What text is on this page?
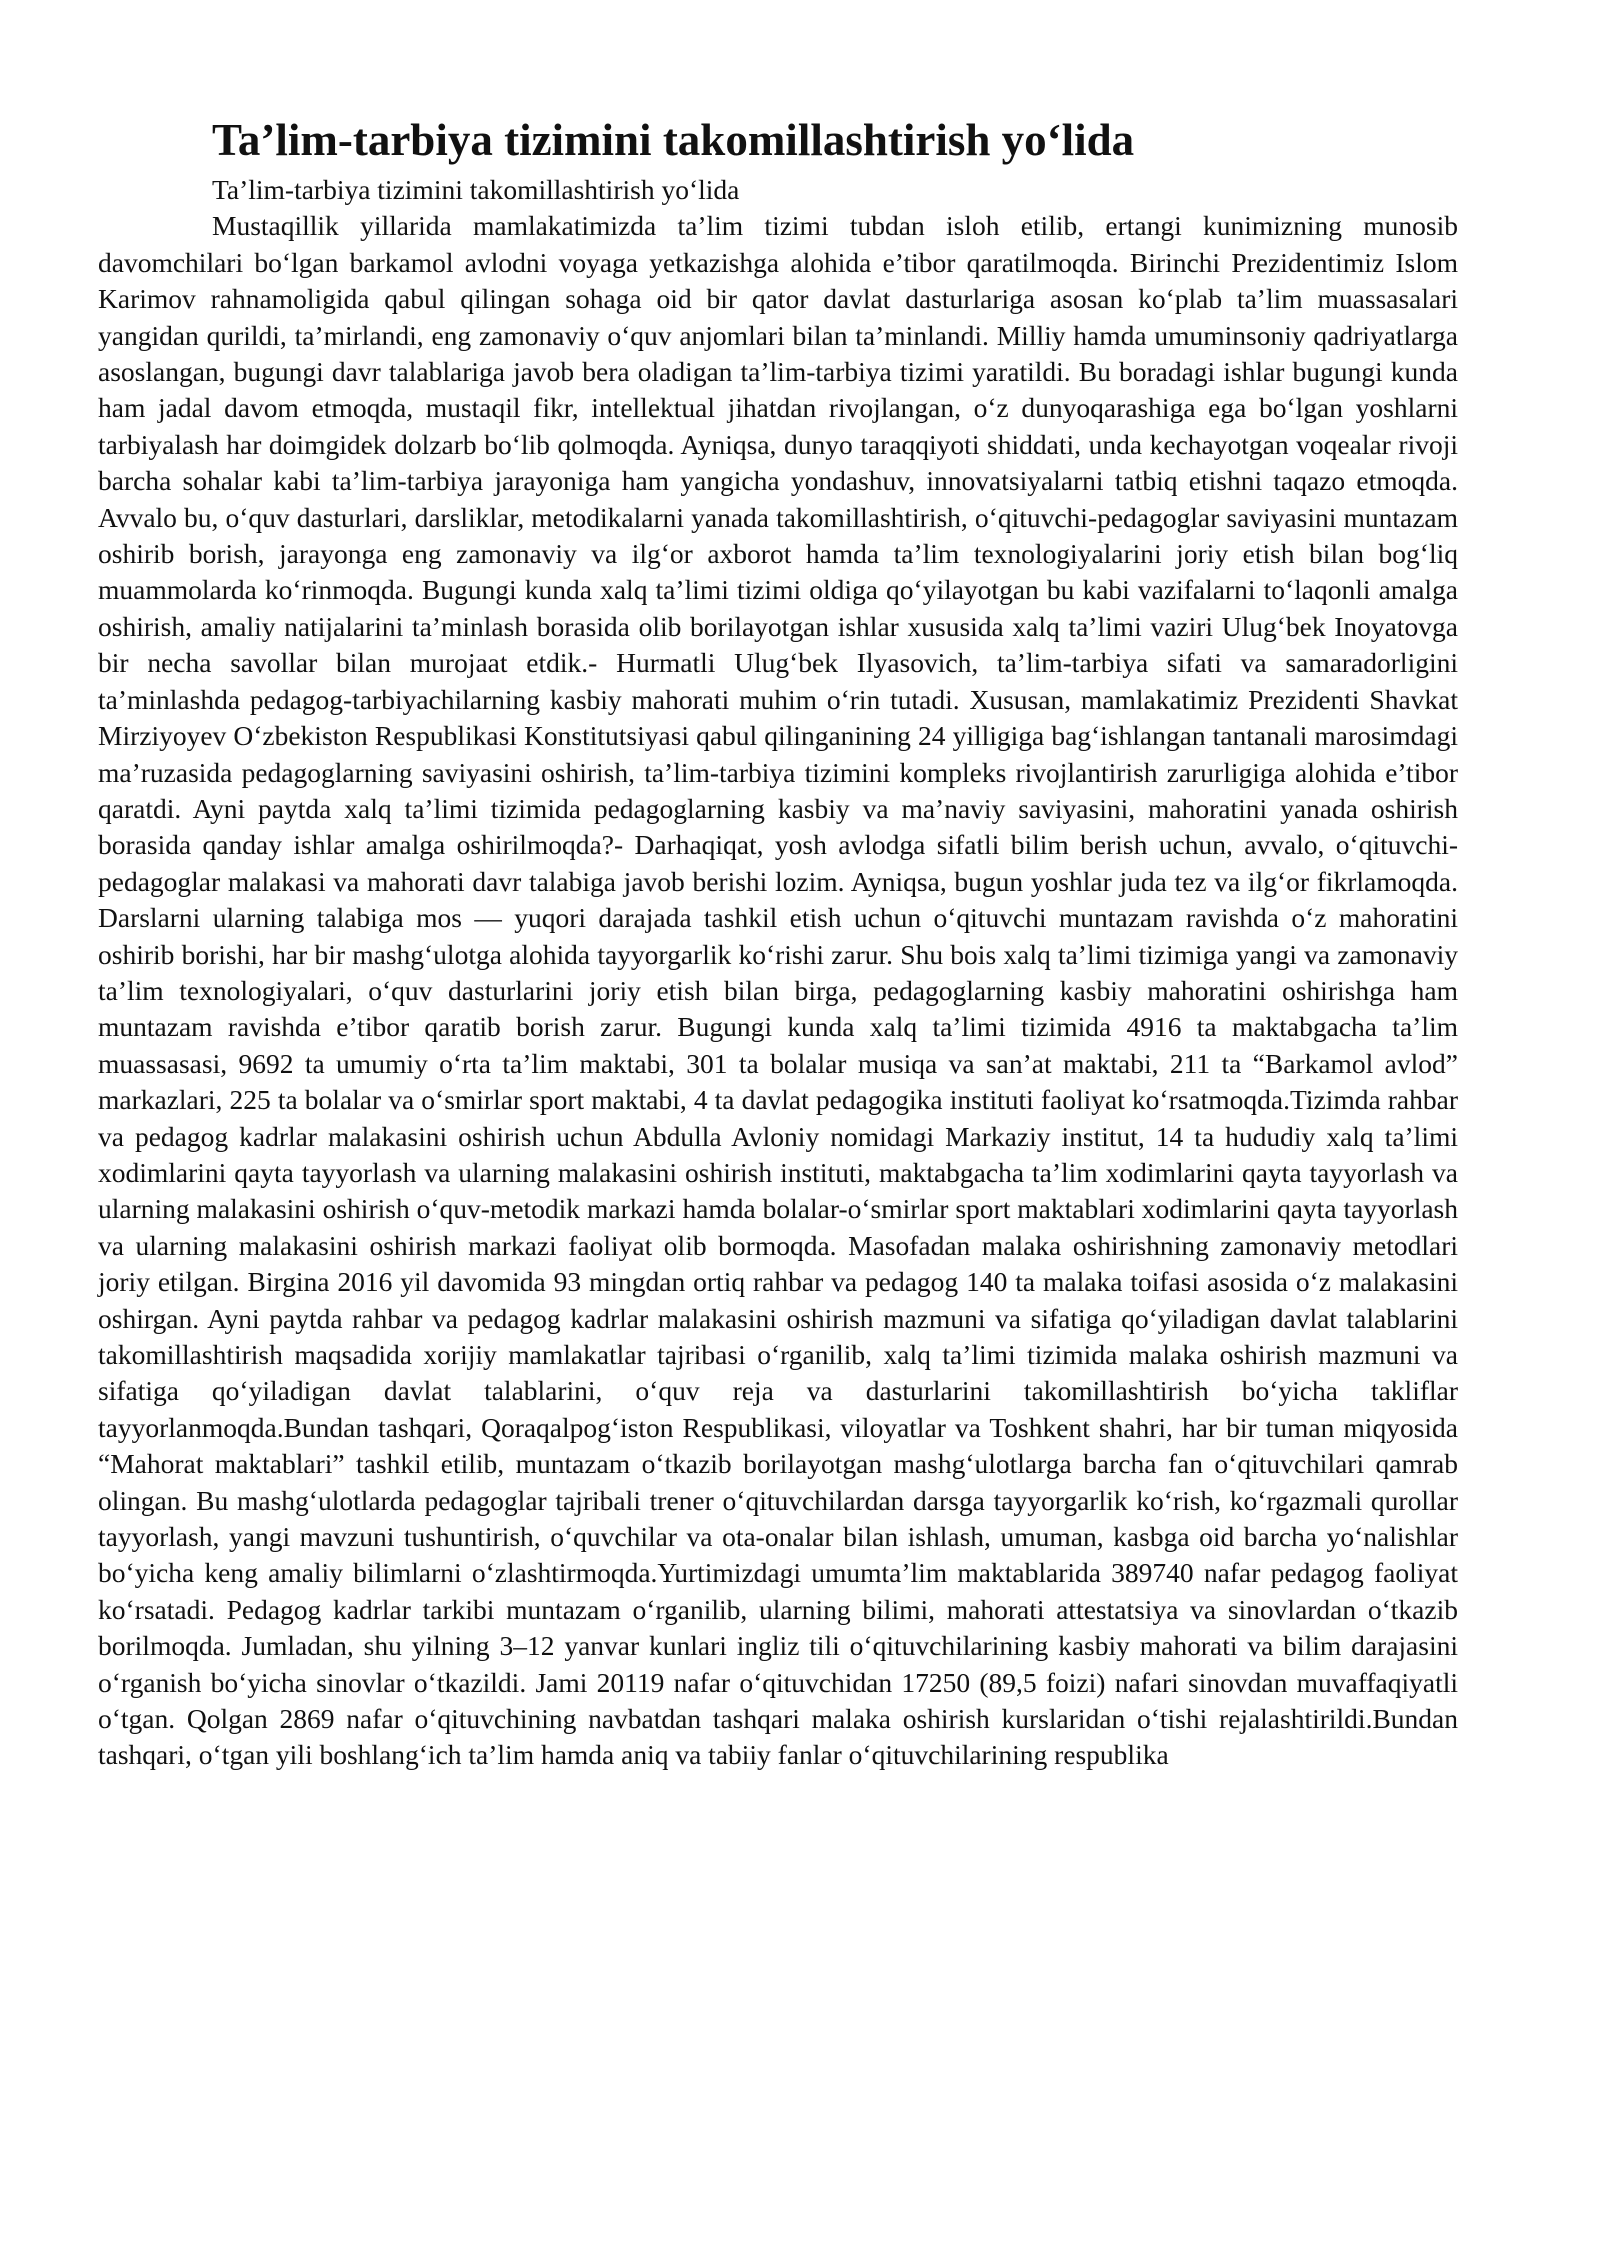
Ta’lim-tarbiya tizimini takomillashtirish yo‘lida
Ta’lim-tarbiya tizimini takomillashtirish yo‘lida

Mustaqillik yillarida mamlakatimizda ta’lim tizimi tubdan isloh etilib, ertangi kunimizning munosib davomchilari bo‘lgan barkamol avlodni voyaga yetkazishga alohida e’tibor qaratilmoqda. Birinchi Prezidentimiz Islom Karimov rahnamoligida qabul qilingan sohaga oid bir qator davlat dasturlariga asosan ko‘plab ta’lim muassasalari yangidan qurildi, ta’mirlandi, eng zamonaviy o‘quv anjomlari bilan ta’minlandi. Milliy hamda umuminsoniy qadriyatlarga asoslangan, bugungi davr talablariga javob bera oladigan ta’lim-tarbiya tizimi yaratildi. Bu boradagi ishlar bugungi kunda ham jadal davom etmoqda, mustaqil fikr, intellektual jihatdan rivojlangan, o‘z dunyoqarashiga ega bo‘lgan yoshlarni tarbiyalash har doimgidek dolzarb bo‘lib qolmoqda. Ayniqsa, dunyo taraqqiyoti shiddati, unda kechayotgan voqealar rivoji barcha sohalar kabi ta’lim-tarbiya jarayoniga ham yangicha yondashuv, innovatsiyalarni tatbiq etishni taqazo etmoqda. Avvalo bu, o‘quv dasturlari, darsliklar, metodikalarni yanada takomillashtirish, o‘qituvchi-pedagoglar saviyasini muntazam oshirib borish, jarayonga eng zamonaviy va ilg‘or axborot hamda ta’lim texnologiyalarini joriy etish bilan bog‘liq muammolarda ko‘rinmoqda. Bugungi kunda xalq ta’limi tizimi oldiga qo‘yilayotgan bu kabi vazifalarni to‘laqonli amalga oshirish, amaliy natijalarini ta’minlash borasida olib borilayotgan ishlar xususida xalq ta’limi vaziri Ulug‘bek Inoyatovga bir necha savollar bilan murojaat etdik.- Hurmatli Ulug‘bek Ilyasovich, ta’lim-tarbiya sifati va samaradorligini ta’minlashda pedagog-tarbiyachilarning kasbiy mahorati muhim o‘rin tutadi. Xususan, mamlakatimiz Prezidenti Shavkat Mirziyoyev O‘zbekiston Respublikasi Konstitutsiyasi qabul qilinganining 24 yilligiga bag‘ishlangan tantanali marosimdagi ma’ruzasida pedagoglarning saviyasini oshirish, ta’lim-tarbiya tizimini kompleks rivojlantirish zarurligiga alohida e’tibor qaratdi. Ayni paytda xalq ta’limi tizimida pedagoglarning kasbiy va ma’naviy saviyasini, mahoratini yanada oshirish borasida qanday ishlar amalga oshirilmoqda?- Darhaqiqat, yosh avlodga sifatli bilim berish uchun, avvalo, o‘qituvchi-pedagoglar malakasi va mahorati davr talabiga javob berishi lozim. Ayniqsa, bugun yoshlar juda tez va ilg‘or fikrlamoqda. Darslarni ularning talabiga mos — yuqori darajada tashkil etish uchun o‘qituvchi muntazam ravishda o‘z mahoratini oshirib borishi, har bir mashg‘ulotga alohida tayyorgarlik ko‘rishi zarur. Shu bois xalq ta’limi tizimiga yangi va zamonaviy ta’lim texnologiyalari, o‘quv dasturlarini joriy etish bilan birga, pedagoglarning kasbiy mahoratini oshirishga ham muntazam ravishda e’tibor qaratib borish zarur. Bugungi kunda xalq ta’limi tizimida 4916 ta maktabgacha ta’lim muassasasi, 9692 ta umumiy o‘rta ta’lim maktabi, 301 ta bolalar musiqa va san’at maktabi, 211 ta “Barkamol avlod” markazlari, 225 ta bolalar va o‘smirlar sport maktabi, 4 ta davlat pedagogika instituti faoliyat ko‘rsatmoqda.Tizimda rahbar va pedagog kadrlar malakasini oshirish uchun Abdulla Avloniy nomidagi Markaziy institut, 14 ta hududiy xalq ta’limi xodimlarini qayta tayyorlash va ularning malakasini oshirish instituti, maktabgacha ta’lim xodimlarini qayta tayyorlash va ularning malakasini oshirish o‘quv-metodik markazi hamda bolalar-o‘smirlar sport maktablari xodimlarini qayta tayyorlash va ularning malakasini oshirish markazi faoliyat olib bormoqda. Masofadan malaka oshirishning zamonaviy metodlari joriy etilgan. Birgina 2016 yil davomida 93 mingdan ortiq rahbar va pedagog 140 ta malaka toifasi asosida o‘z malakasini oshirgan. Ayni paytda rahbar va pedagog kadrlar malakasini oshirish mazmuni va sifatiga qo‘yiladigan davlat talablarini takomillashtirish maqsadida xorijiy mamlakatlar tajribasi o‘rganilib, xalq ta’limi tizimida malaka oshirish mazmuni va sifatiga qo‘yiladigan davlat talablarini, o‘quv reja va dasturlarini takomillashtirish bo‘yicha takliflar tayyorlanmoqda.Bundan tashqari, Qoraqalpog‘iston Respublikasi, viloyatlar va Toshkent shahri, har bir tuman miqyosida “Mahorat maktablari” tashkil etilib, muntazam o‘tkazib borilayotgan mashg‘ulotlarga barcha fan o‘qituvchilari qamrab olingan. Bu mashg‘ulotlarda pedagoglar tajribali trener o‘qituvchilardan darsga tayyorgarlik ko‘rish, ko‘rgazmali qurollar tayyorlash, yangi mavzuni tushuntirish, o‘quvchilar va ota-onalar bilan ishlash, umuman, kasbga oid barcha yo‘nalishlar bo‘yicha keng amaliy bilimlarni o‘zlashtirmoqda.Yurtimizdagi umumta’lim maktablarida 389740 nafar pedagog faoliyat ko‘rsatadi. Pedagog kadrlar tarkibi muntazam o‘rganilib, ularning bilimi, mahorati attestatsiya va sinovlardan o‘tkazib borilmoqda. Jumladan, shu yilning 3–12 yanvar kunlari ingliz tili o‘qituvchilarining kasbiy mahorati va bilim darajasini o‘rganish bo‘yicha sinovlar o‘tkazildi. Jami 20119 nafar o‘qituvchidan 17250 (89,5 foizi) nafari sinovdan muvaffaqiyatli o‘tgan. Qolgan 2869 nafar o‘qituvchining navbatdan tashqari malaka oshirish kurslaridan o‘tishi rejalashtirildi.Bundan tashqari, o‘tgan yili boshlang‘ich ta’lim hamda aniq va tabiiy fanlar o‘qituvchilarining respublika
